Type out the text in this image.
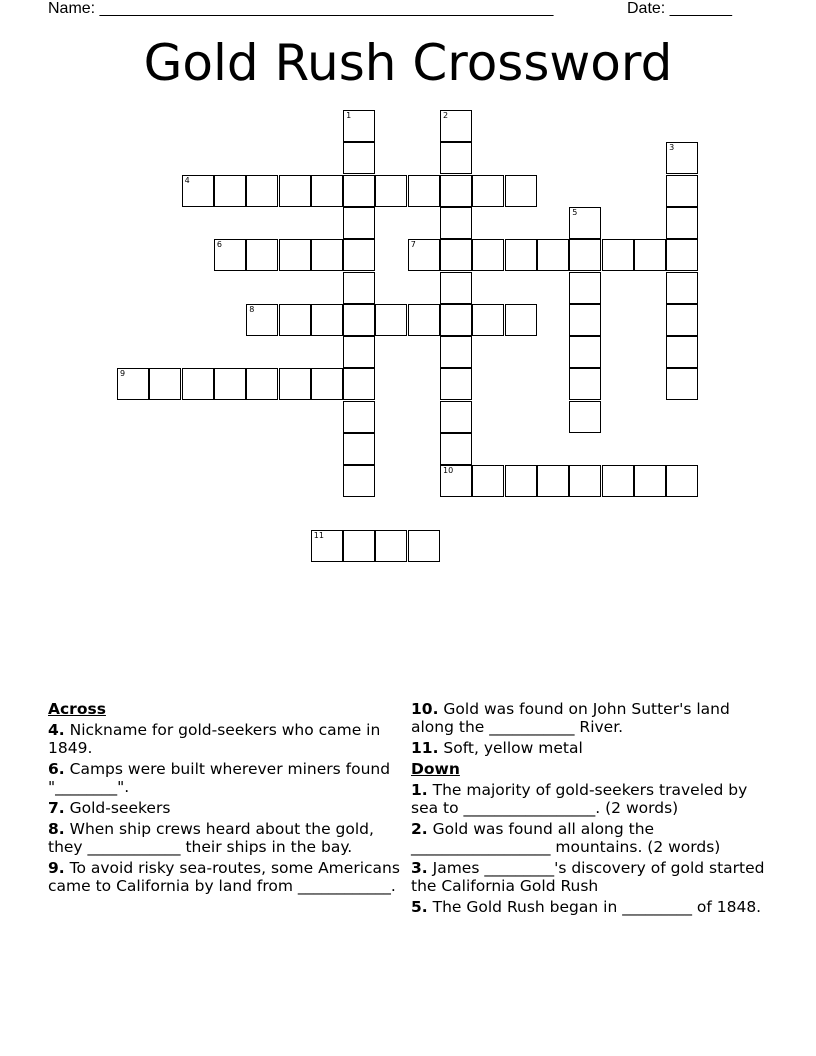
Name: ___________________________________________________	Date: _______
Gold Rush Crossword
1	2
10
3
4
5
6	7
8
9
11
Across
4. Nickname for gold-seekers who came in 1849.
6. Camps were built wherever miners found "________".
7. Gold-seekers
8. When ship crews heard about the gold, they ____________ their ships in the bay.
9. To avoid risky sea-routes, some Americans came to California by land from ____________.
10. Gold was found on John Sutter's land along the ___________ River.
11. Soft, yellow metal
Down
1. The majority of gold-seekers traveled by sea to _________________. (2 words)
2. Gold was found all along the __________________ mountains. (2 words)
3. James _________'s discovery of gold started the California Gold Rush
5. The Gold Rush began in _________ of 1848.
